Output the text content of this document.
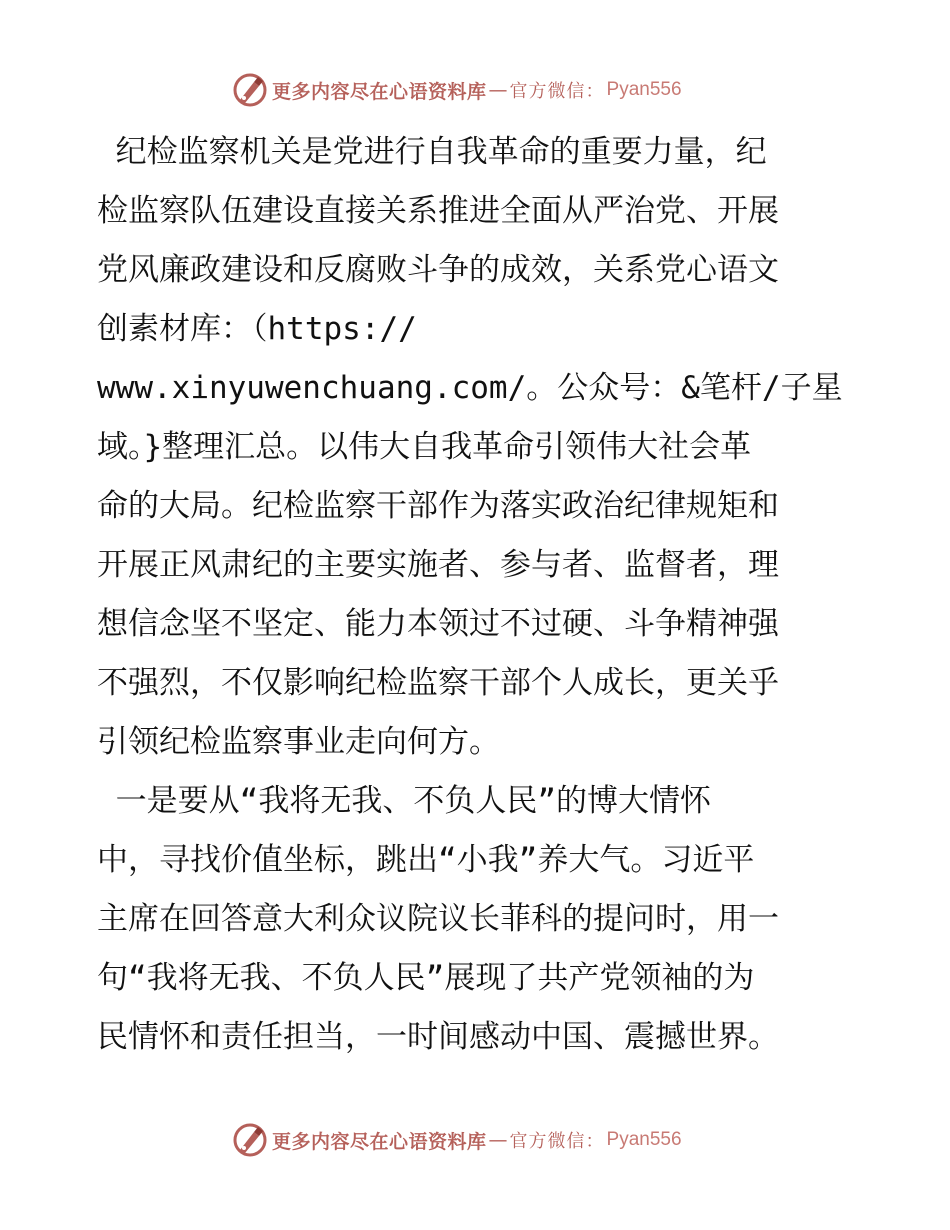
更多内容尽在心语资料库 — 官方微信： Pyan556

纪检监察机关是党进行自我革命的重要力量，纪
检监察队伍建设直接关系推进全面从严治党、开展
党风廉政建设和反腐败斗争的成效，关系党心语文
创素材库：（https://
www.xinyuwenchuang.com/。公众号：&笔杆/子星
域。}整理汇总。以伟大自我革命引领伟大社会革
命的大局。纪检监察干部作为落实政治纪律规矩和
开展正风肃纪的主要实施者、参与者、监督者，理
想信念坚不坚定、能力本领过不过硬、斗争精神强
不强烈，不仅影响纪检监察干部个人成长，更关乎
引领纪检监察事业走向何方。

一是要从“我将无我、不负人民”的博大情怀
中，寻找价值坐标，跳出“小我”养大气。习近平
主席在回答意大利众议院议长菲科的提问时，用一
句“我将无我、不负人民”展现了共产党领袖的为
民情怀和责任担当，一时间感动中国、震撼世界。

更多内容尽在心语资料库 — 官方微信： Pyan556
